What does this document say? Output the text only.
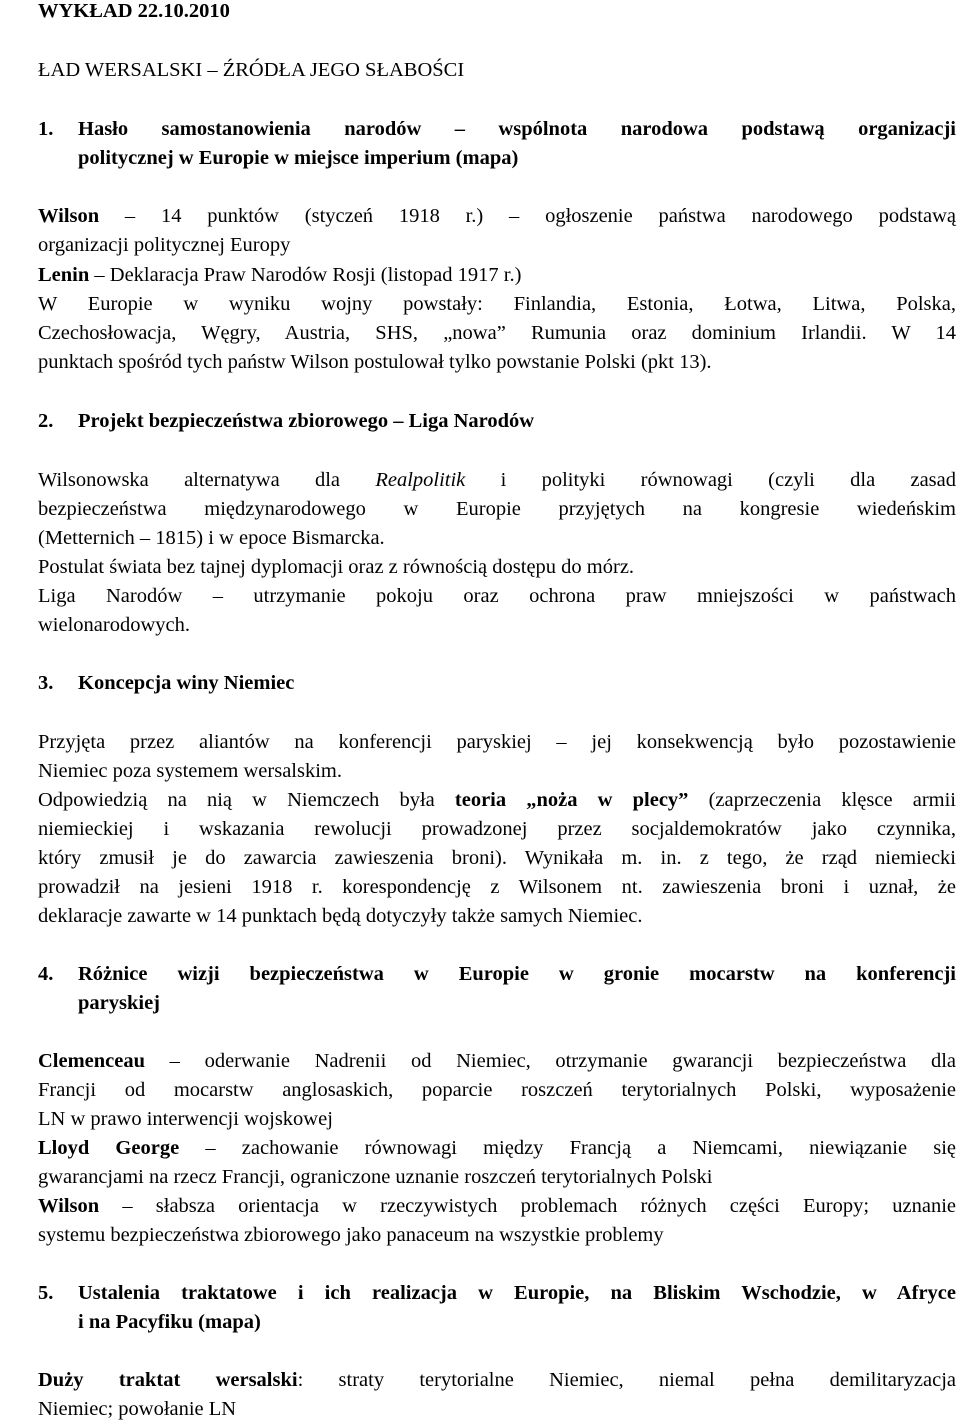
WYKŁAD 22.10.2010
ŁAD WERSALSKI – ŹRÓDŁA JEGO SŁABOŚCI
1.	Hasło samostanowienia narodów – wspólnota narodowa podstawą organizacji
politycznej w Europie w miejsce imperium (mapa)
Wilson – 14 punktów (styczeń 1918 r.) – ogłoszenie państwa narodowego podstawą
organizacji politycznej Europy
Lenin – Deklaracja Praw Narodów Rosji (listopad 1917 r.)
W Europie w wyniku wojny powstały: Finlandia, Estonia, Łotwa, Litwa, Polska,
Czechosłowacja, Węgry, Austria, SHS, „nowa” Rumunia oraz dominium Irlandii. W 14
punktach spośród tych państw Wilson postulował tylko powstanie Polski (pkt 13).
2.	Projekt bezpieczeństwa zbiorowego – Liga Narodów
Wilsonowska alternatywa dla Realpolitik i polityki równowagi (czyli dla zasad
bezpieczeństwa międzynarodowego w Europie przyjętych na kongresie wiedeńskim
(Metternich – 1815) i w epoce Bismarcka.
Postulat świata bez tajnej dyplomacji oraz z równością dostępu do mórz.
Liga Narodów – utrzymanie pokoju oraz ochrona praw mniejszości w państwach
wielonarodowych.
3.	Koncepcja winy Niemiec
Przyjęta przez aliantów na konferencji paryskiej – jej konsekwencją było pozostawienie
Niemiec poza systemem wersalskim.
Odpowiedzią na nią w Niemczech była teoria „noża w plecy” (zaprzeczenia klęsce armii
niemieckiej i wskazania rewolucji prowadzonej przez socjaldemokratów jako czynnika,
który zmusił je do zawarcia zawieszenia broni). Wynikała m. in. z tego, że rząd niemiecki
prowadził na jesieni 1918 r. korespondencję z Wilsonem nt. zawieszenia broni i uznał, że
deklaracje zawarte w 14 punktach będą dotyczyły także samych Niemiec.
4.	Różnice wizji bezpieczeństwa w Europie w gronie mocarstw na konferencji
paryskiej
Clemenceau – oderwanie Nadrenii od Niemiec, otrzymanie gwarancji bezpieczeństwa dla
Francji od mocarstw anglosaskich, poparcie roszczeń terytorialnych Polski, wyposażenie
LN w prawo interwencji wojskowej
Lloyd George – zachowanie równowagi między Francją a Niemcami, niewiązanie się
gwarancjami na rzecz Francji, ograniczone uznanie roszczeń terytorialnych Polski
Wilson – słabsza orientacja w rzeczywistych problemach różnych części Europy; uznanie
systemu bezpieczeństwa zbiorowego jako panaceum na wszystkie problemy
5.	Ustalenia traktatowe i ich realizacja w Europie, na Bliskim Wschodzie, w Afryce
i na Pacyfiku (mapa)
Duży traktat wersalski: straty terytorialne Niemiec, niemal pełna demilitaryzacja
Niemiec; powołanie LN
